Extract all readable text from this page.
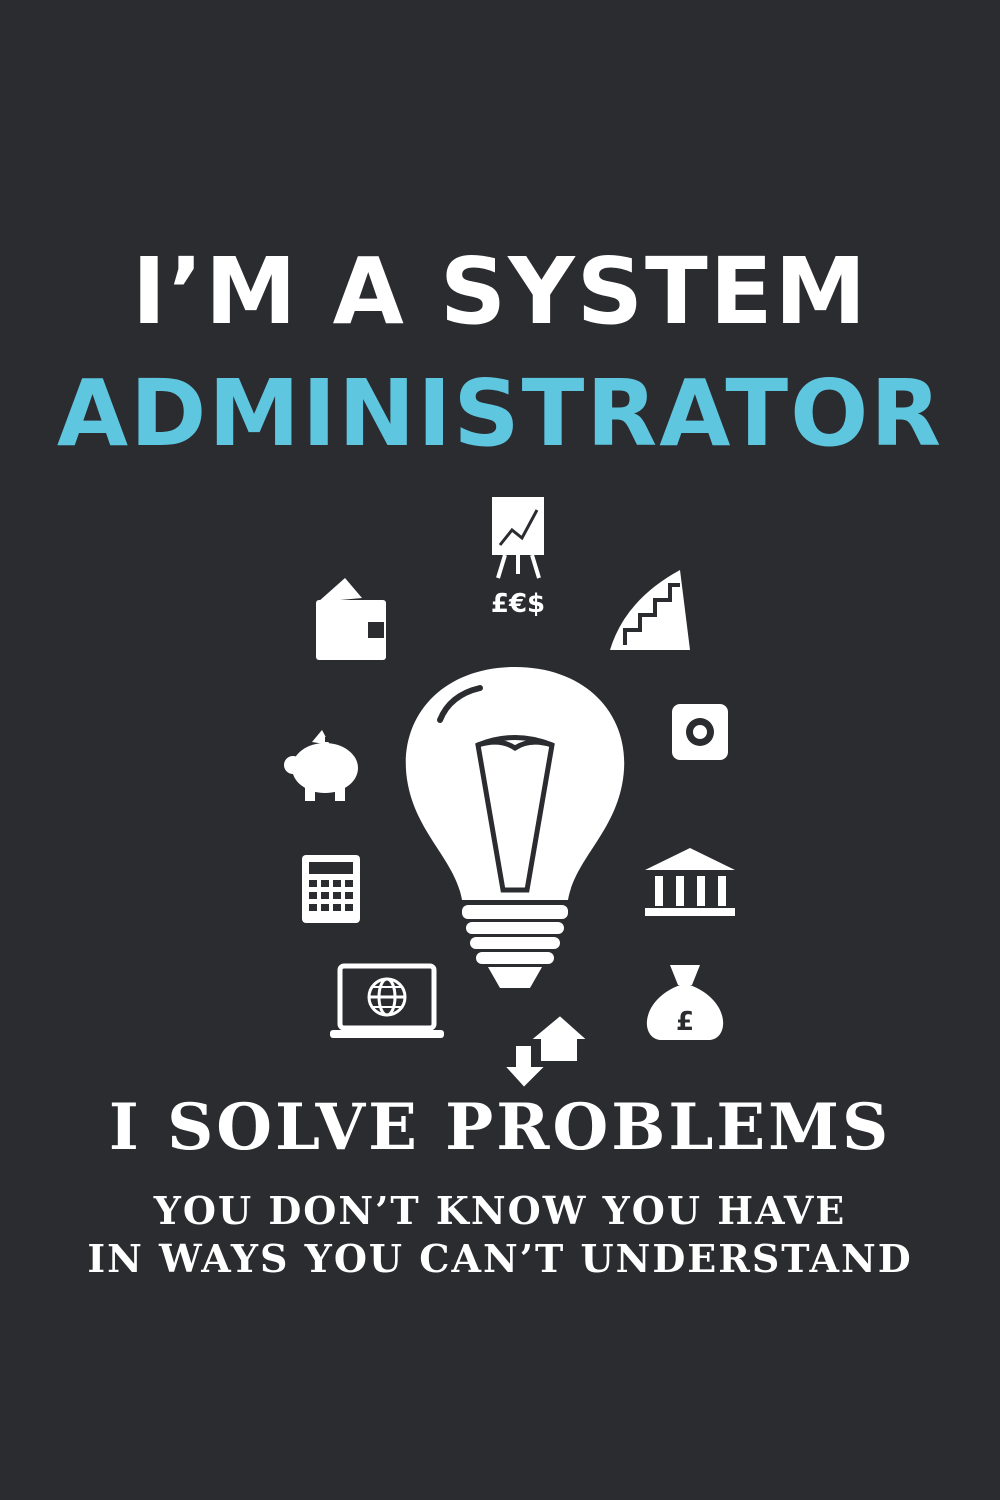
I’M A SYSTEM
ADMINISTRATOR
£€$
£
I SOLVE PROBLEMS
YOU DON’T KNOW YOU HAVE
IN WAYS YOU CAN’T UNDERSTAND
